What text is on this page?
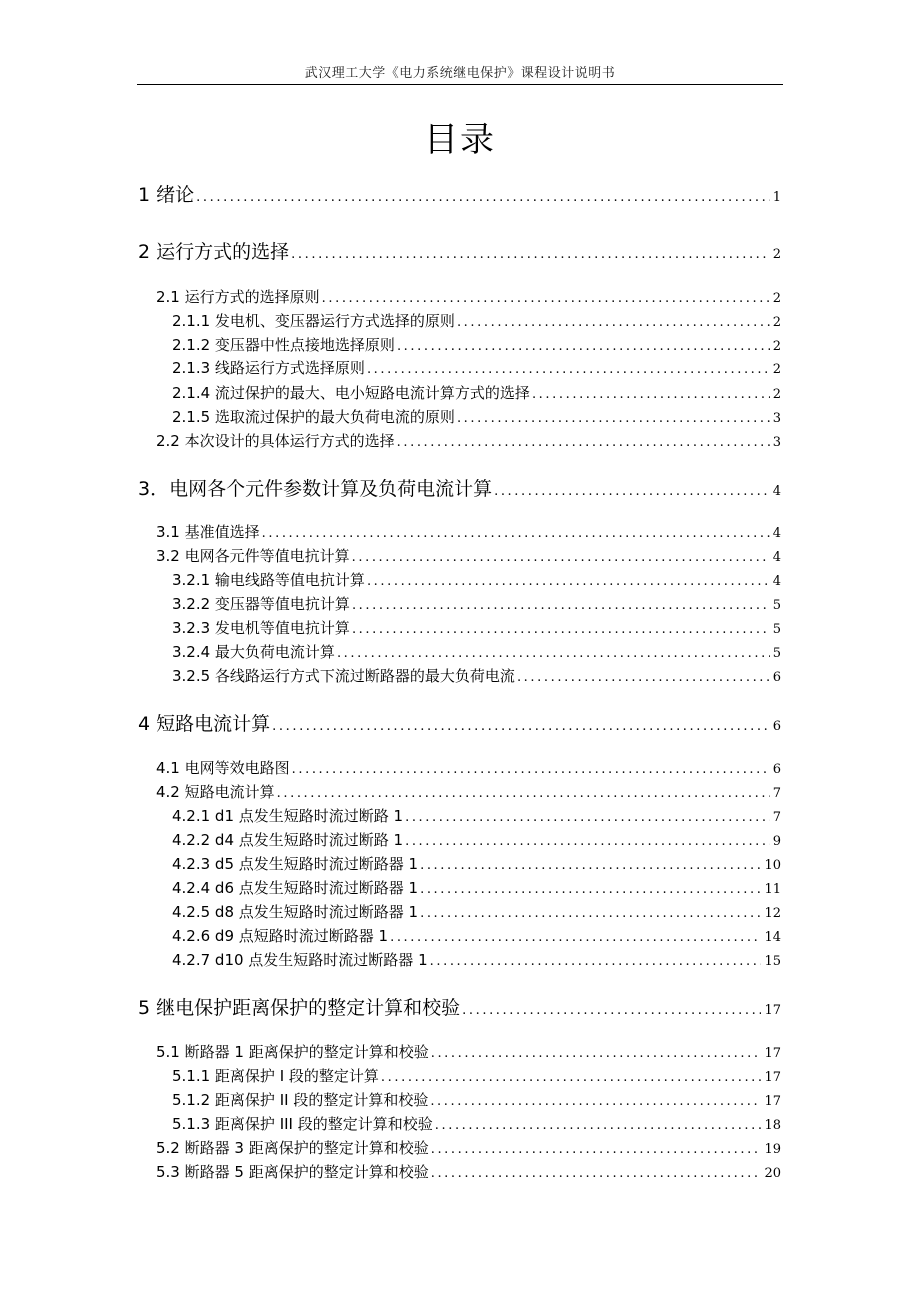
武汉理工大学《电力系统继电保护》课程设计说明书
目录
1 绪论 .....	1
2 运行方式的选择 .....	2
2.1 运行方式的选择原则 .....	2
2.1.1 发电机、变压器运行方式选择的原则 .....	2
2.1.2 变压器中性点接地选择原则 .....	2
2.1.3 线路运行方式选择原则 .....	2
2.1.4 流过保护的最大、电小短路电流计算方式的选择 .....	2
2.1.5 选取流过保护的最大负荷电流的原则 .....	3
2.2 本次设计的具体运行方式的选择 .....	3
3．电网各个元件参数计算及负荷电流计算 .....	4
3.1 基准值选择 .....	4
3.2 电网各元件等值电抗计算 .....	4
3.2.1 输电线路等值电抗计算 .....	4
3.2.2 变压器等值电抗计算 .....	5
3.2.3 发电机等值电抗计算 .....	5
3.2.4 最大负荷电流计算 .....	5
3.2.5 各线路运行方式下流过断路器的最大负荷电流 .....	6
4 短路电流计算 .....	6
4.1 电网等效电路图 .....	6
4.2 短路电流计算 .....	7
4.2.1 d1 点发生短路时流过断路 1 .....	7
4.2.2 d4 点发生短路时流过断路 1 .....	9
4.2.3 d5 点发生短路时流过断路器 1 .....	10
4.2.4 d6 点发生短路时流过断路器 1 .....	11
4.2.5 d8 点发生短路时流过断路器 1 .....	12
4.2.6 d9 点短路时流过断路器 1 .....	14
4.2.7 d10 点发生短路时流过断路器 1 .....	15
5 继电保护距离保护的整定计算和校验 .....	17
5.1 断路器 1 距离保护的整定计算和校验 .....	17
5.1.1 距离保护 I 段的整定计算 .....	17
5.1.2 距离保护 II 段的整定计算和校验 .....	17
5.1.3 距离保护 III 段的整定计算和校验 .....	18
5.2 断路器 3 距离保护的整定计算和校验 .....	19
5.3 断路器 5 距离保护的整定计算和校验 .....	20
